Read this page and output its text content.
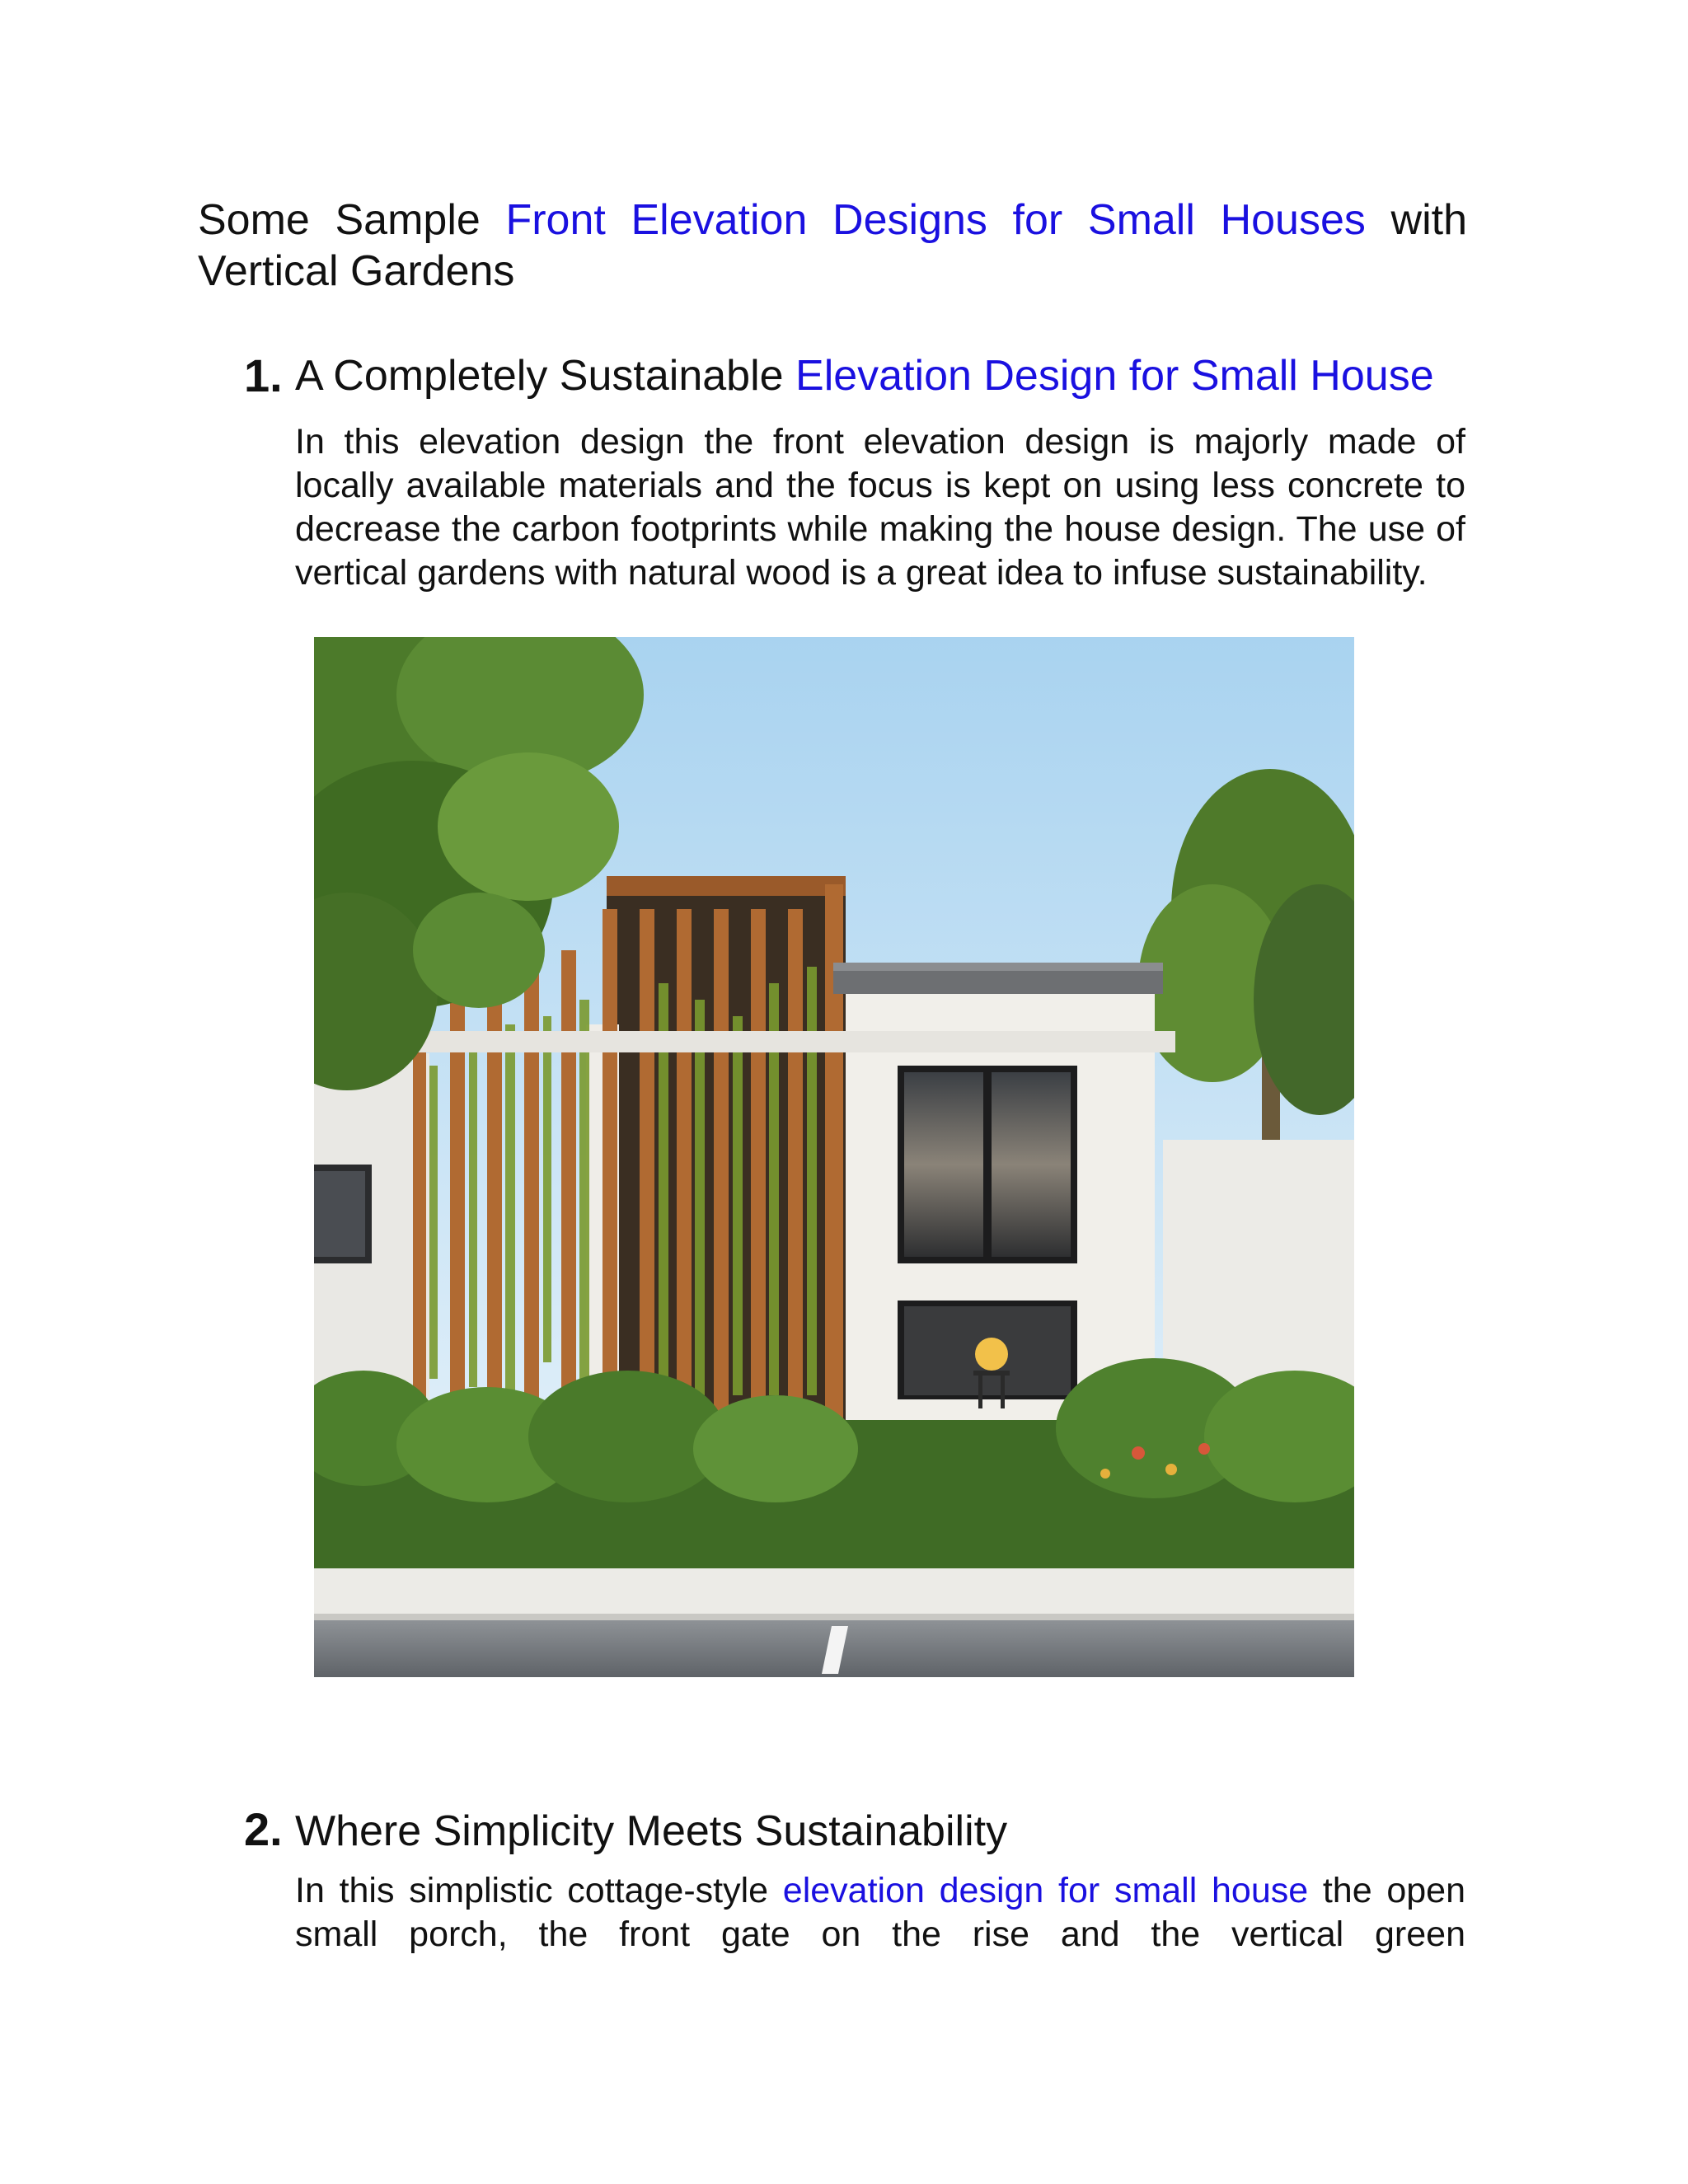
Some Sample Front Elevation Designs for Small Houses with Vertical Gardens

1. A Completely Sustainable Elevation Design for Small House

In this elevation design the front elevation design is majorly made of locally available materials and the focus is kept on using less concrete to decrease the carbon footprints while making the house design. The use of vertical gardens with natural wood is a great idea to infuse sustainability.

2. Where Simplicity Meets Sustainability

In this simplistic cottage-style elevation design for small house the open small porch, the front gate on the rise and the vertical green
